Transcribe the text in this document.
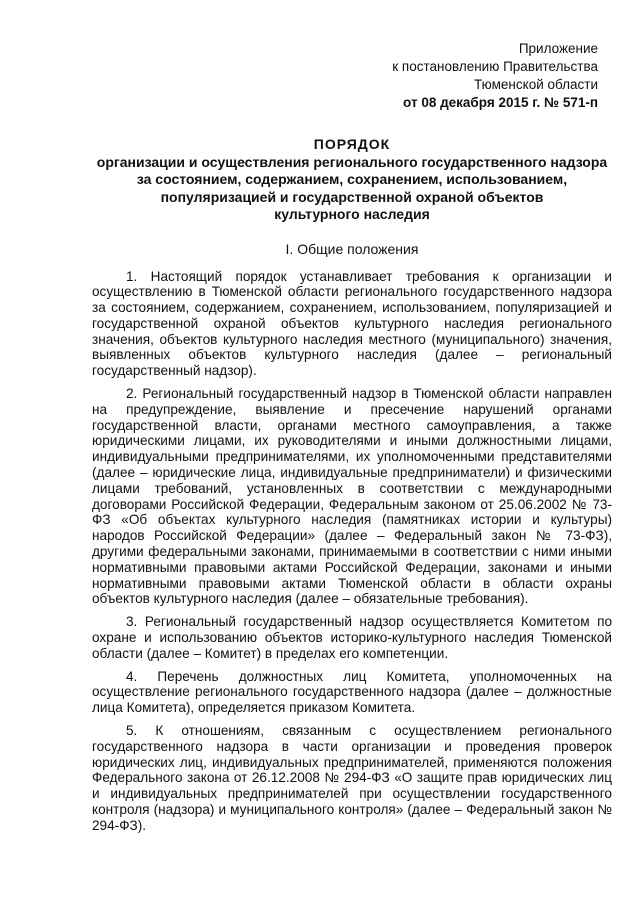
Приложение
к постановлению Правительства
Тюменской области
от 08 декабря 2015 г. № 571-п
ПОРЯДОК
организации и осуществления регионального государственного надзора
за состоянием, содержанием, сохранением, использованием,
популяризацией и государственной охраной объектов
культурного наследия
I. Общие положения

1. Настоящий порядок устанавливает требования к организации и осуществлению в Тюменской области регионального государственного надзора за состоянием, содержанием, сохранением, использованием, популяризацией и государственной охраной объектов культурного наследия регионального значения, объектов культурного наследия местного (муниципального) значения, выявленных объектов культурного наследия (далее – региональный государственный надзор).

2. Региональный государственный надзор в Тюменской области направлен на предупреждение, выявление и пресечение нарушений органами государственной власти, органами местного самоуправления, а также юридическими лицами, их руководителями и иными должностными лицами, индивидуальными предпринимателями, их уполномоченными представителями (далее – юридические лица, индивидуальные предприниматели) и физическими лицами требований, установленных в соответствии с международными договорами Российской Федерации, Федеральным законом от 25.06.2002 № 73-ФЗ «Об объектах культурного наследия (памятниках истории и культуры) народов Российской Федерации» (далее – Федеральный закон № 73-ФЗ), другими федеральными законами, принимаемыми в соответствии с ними иными нормативными правовыми актами Российской Федерации, законами и иными нормативными правовыми актами Тюменской области в области охраны объектов культурного наследия (далее – обязательные требования).

3. Региональный государственный надзор осуществляется Комитетом по охране и использованию объектов историко-культурного наследия Тюменской области (далее – Комитет) в пределах его компетенции.

4. Перечень должностных лиц Комитета, уполномоченных на осуществление регионального государственного надзора (далее – должностные лица Комитета), определяется приказом Комитета.

5. К отношениям, связанным с осуществлением регионального государственного надзора в части организации и проведения проверок юридических лиц, индивидуальных предпринимателей, применяются положения Федерального закона от 26.12.2008 № 294-ФЗ «О защите прав юридических лиц и индивидуальных предпринимателей при осуществлении государственного контроля (надзора) и муниципального контроля» (далее – Федеральный закон № 294-ФЗ).
